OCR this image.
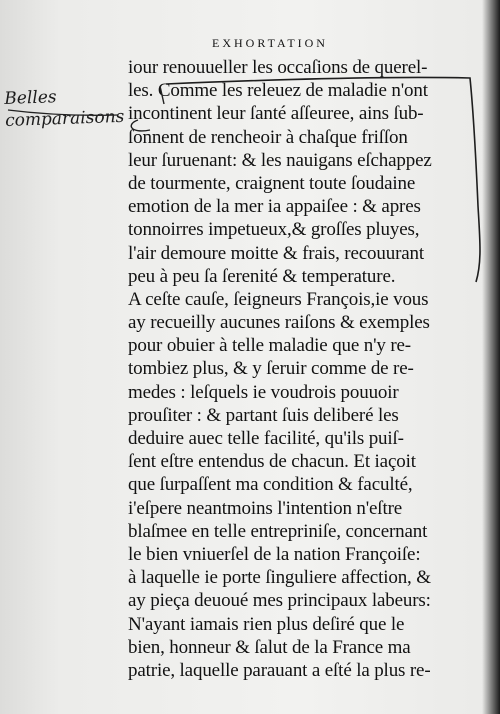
EXHORTATION
Belles
comparaisons
iour renouueller les occaſions de querel-
les. Comme les releuez de maladie n'ont
incontinent leur ſanté aſſeuree, ains ſub-
ſonnent de rencheoir à chaſque friſſon
leur ſuruenant: & les nauigans eſchappez
de tourmente, craignent toute ſoudaine
emotion de la mer ia appaiſee : & apres
tonnoirres impetueux,& groſſes pluyes,
l'air demoure moitte & frais, recouurant
peu à peu ſa ſerenité & temperature.
A ceſte cauſe, ſeigneurs François,ie vous
ay recueilly aucunes raiſons & exemples
pour obuier à telle maladie que n'y re-
tombiez plus, & y ſeruir comme de re-
medes : leſquels ie voudrois pouuoir
prouſiter : & partant ſuis deliberé les
deduire auec telle facilité, qu'ils puiſ-
ſent eſtre entendus de chacun. Et iaçoit
que ſurpaſſent ma condition & faculté,
i'eſpere neantmoins l'intention n'eſtre
blaſmee en telle entrepriniſe, concernant
le bien vniuerſel de la nation Françoiſe:
à laquelle ie porte ſinguliere affection, &
ay pieça deuoué mes principaux labeurs:
N'ayant iamais rien plus deſiré que le
bien, honneur & ſalut de la France ma
patrie, laquelle parauant a eſté la plus re-
